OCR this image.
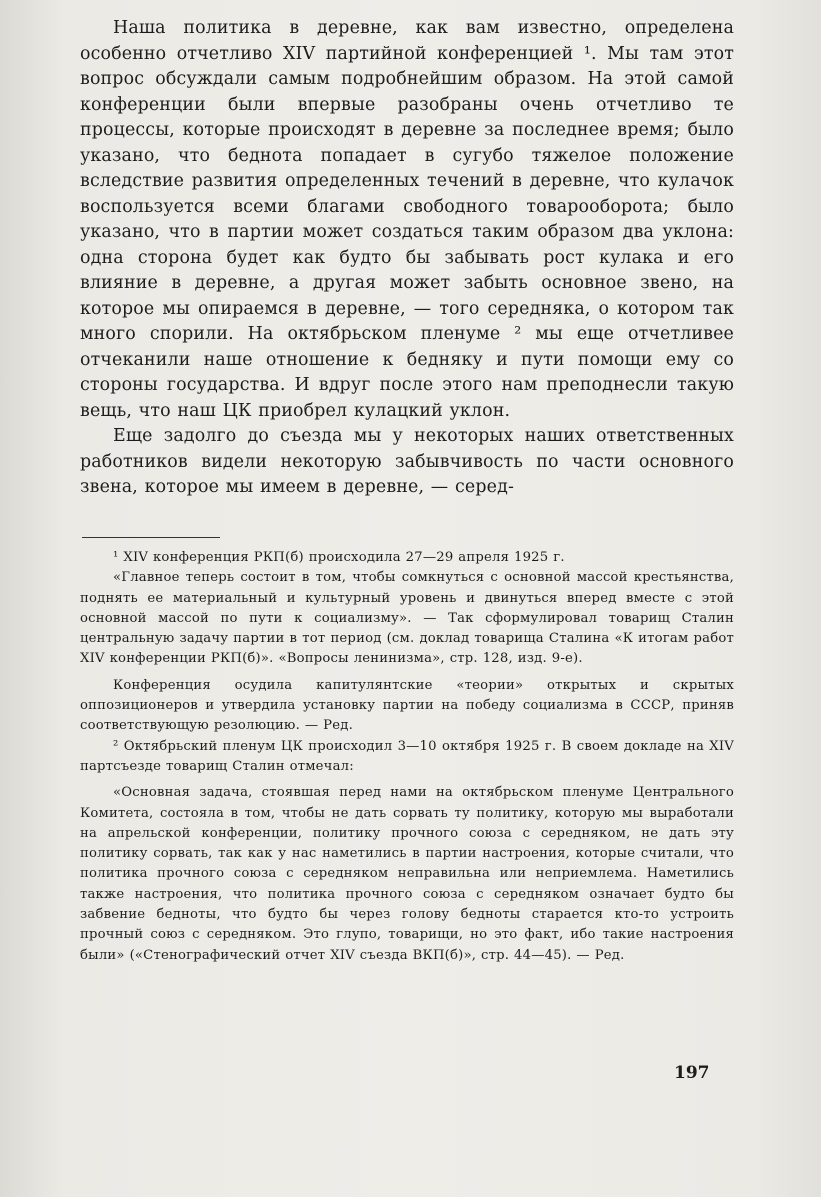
Наша политика в деревне, как вам известно, определена особенно отчетливо XIV партийной конференцией ¹. Мы там этот вопрос обсуждали самым подробнейшим образом. На этой самой конференции были впервые разобраны очень отчетливо те процессы, которые происходят в деревне за последнее время; было указано, что беднота попадает в сугубо тяжелое положение вследствие развития определенных течений в деревне, что кулачок воспользуется всеми благами свободного товарооборота; было указано, что в партии может создаться таким образом два уклона: одна сторона будет как будто бы забывать рост кулака и его влияние в деревне, а другая может забыть основное звено, на которое мы опираемся в деревне, — того середняка, о котором так много спорили. На октябрьском пленуме ² мы еще отчетливее отчеканили наше отношение к бедняку и пути помощи ему со стороны государства. И вдруг после этого нам преподнесли такую вещь, что наш ЦК приобрел кулацкий уклон.

Еще задолго до съезда мы у некоторых наших ответственных работников видели некоторую забывчивость по части основного звена, которое мы имеем в деревне, — серед-

¹ XIV конференция РКП(б) происходила 27—29 апреля 1925 г.

«Главное теперь состоит в том, чтобы сомкнуться с основной массой крестьянства, поднять ее материальный и культурный уровень и двинуться вперед вместе с этой основной массой по пути к социализму». — Так сформулировал товарищ Сталин центральную задачу партии в тот период (см. доклад товарища Сталина «К итогам работ XIV конференции РКП(б)». «Вопросы ленинизма», стр. 128, изд. 9-е).

Конференция осудила капитулянтские «теории» открытых и скрытых оппозиционеров и утвердила установку партии на победу социализма в СССР, приняв соответствующую резолюцию. — Ред.

² Октябрьский пленум ЦК происходил 3—10 октября 1925 г. В своем докладе на XIV партсъезде товарищ Сталин отмечал:

«Основная задача, стоявшая перед нами на октябрьском пленуме Центрального Комитета, состояла в том, чтобы не дать сорвать ту политику, которую мы выработали на апрельской конференции, политику прочного союза с середняком, не дать эту политику сорвать, так как у нас наметились в партии настроения, которые считали, что политика прочного союза с середняком неправильна или неприемлема. Наметились также настроения, что политика прочного союза с середняком означает будто бы забвение бедноты, что будто бы через голову бедноты старается кто-то устроить прочный союз с середняком. Это глупо, товарищи, но это факт, ибо такие настроения были» («Стенографический отчет XIV съезда ВКП(б)», стр. 44—45). — Ред.

197
